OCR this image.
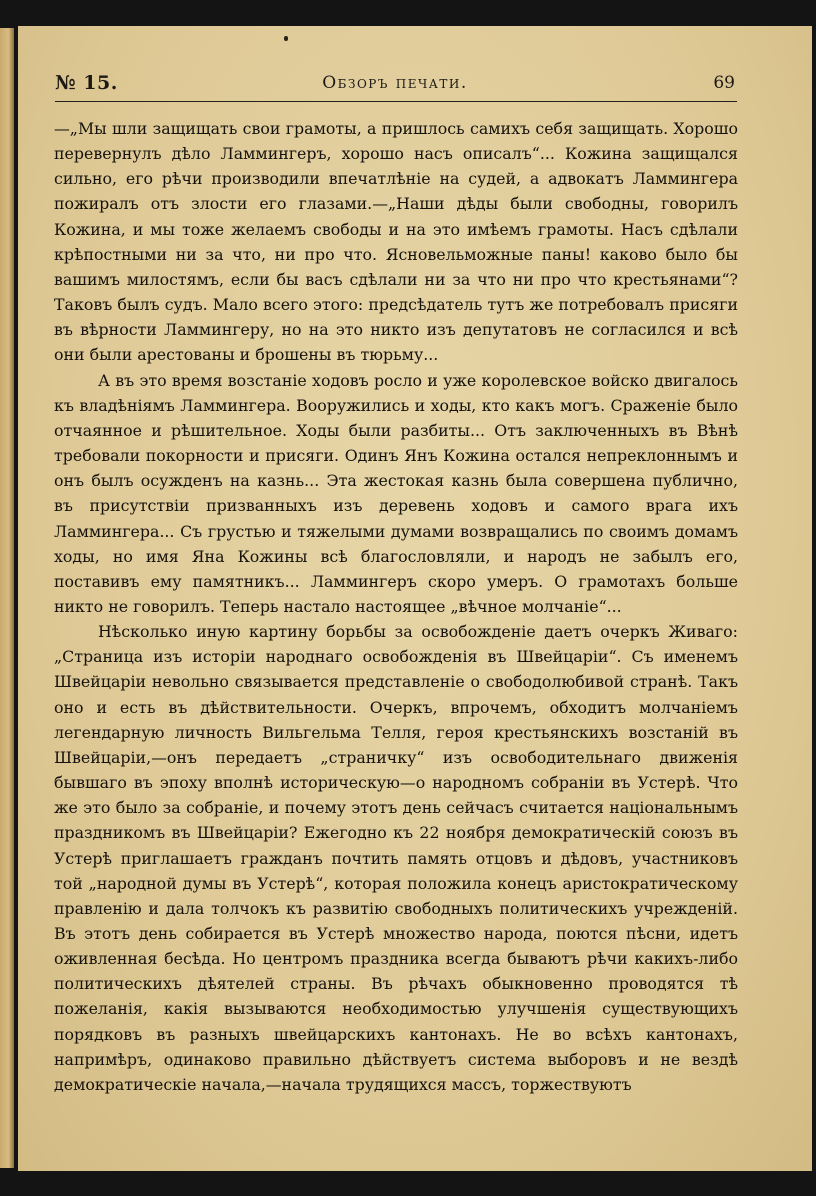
№ 15.	Обзоръ печати.	69

—„Мы шли защищать свои грамоты, а пришлось самихъ себя защищать. Хорошо перевернулъ дѣло Ламмингеръ, хорошо насъ описалъ“... Кожина защищался сильно, его рѣчи производили впечатлѣніе на судей, а адвокатъ Ламмингера пожиралъ отъ злости его глазами.—„Наши дѣды были свободны, говорилъ Кожина, и мы тоже желаемъ свободы и на это имѣемъ грамоты. Насъ сдѣлали крѣпостными ни за что, ни про что. Ясновельможные паны! каково было бы вашимъ милостямъ, если бы васъ сдѣлали ни за что ни про что крестьянами“? Таковъ былъ судъ. Мало всего этого: предсѣдатель тутъ же потребовалъ присяги въ вѣрности Ламмингеру, но на это никто изъ депутатовъ не согласился и всѣ они были арестованы и брошены въ тюрьму...

А въ это время возстаніе ходовъ росло и уже королевское войско двигалось къ владѣніямъ Ламмингера. Вооружились и ходы, кто какъ могъ. Сраженіе было отчаянное и рѣшительное. Ходы были разбиты... Отъ заключенныхъ въ Вѣнѣ требовали покорности и присяги. Одинъ Янъ Кожина остался непреклоннымъ и онъ былъ осужденъ на казнь... Эта жестокая казнь была совершена публично, въ присутствіи призванныхъ изъ деревень ходовъ и самого врага ихъ Ламмингера... Съ грустью и тяжелыми думами возвращались по своимъ домамъ ходы, но имя Яна Кожины всѣ благословляли, и народъ не забылъ его, поставивъ ему памятникъ... Ламмингеръ скоро умеръ. О грамотахъ больше никто не говорилъ. Теперь настало настоящее „вѣчное молчаніе“...

Нѣсколько иную картину борьбы за освобожденіе даетъ очеркъ Живаго: „Страница изъ исторіи народнаго освобожденія въ Швейцаріи“. Съ именемъ Швейцаріи невольно связывается представленіе о свободолюбивой странѣ. Такъ оно и есть въ дѣйствительности. Очеркъ, впрочемъ, обходитъ молчаніемъ легендарную личность Вильгельма Телля, героя крестьянскихъ возстаній въ Швейцаріи,—онъ передаетъ „страничку“ изъ освободительнаго движенія бывшаго въ эпоху вполнѣ историческую—о народномъ собраніи въ Устерѣ. Что же это было за собраніе, и почему этотъ день сейчасъ считается національнымъ праздникомъ въ Швейцаріи? Ежегодно къ 22 ноября демократическій союзъ въ Устерѣ приглашаетъ гражданъ почтить память отцовъ и дѣдовъ, участниковъ той „народной думы въ Устерѣ“, которая положила конецъ аристократическому правленію и дала толчокъ къ развитію свободныхъ политическихъ учрежденій. Въ этотъ день собирается въ Устерѣ множество народа, поются пѣсни, идетъ оживленная бесѣда. Но центромъ праздника всегда бываютъ рѣчи какихъ-либо политическихъ дѣятелей страны. Въ рѣчахъ обыкновенно проводятся тѣ пожеланія, какія вызываются необходимостью улучшенія существующихъ порядковъ въ разныхъ швейцарскихъ кантонахъ. Не во всѣхъ кантонахъ, напримѣръ, одинаково правильно дѣйствуетъ система выборовъ и не вездѣ демократическіе начала,—начала трудящихся массъ, торжествуютъ
